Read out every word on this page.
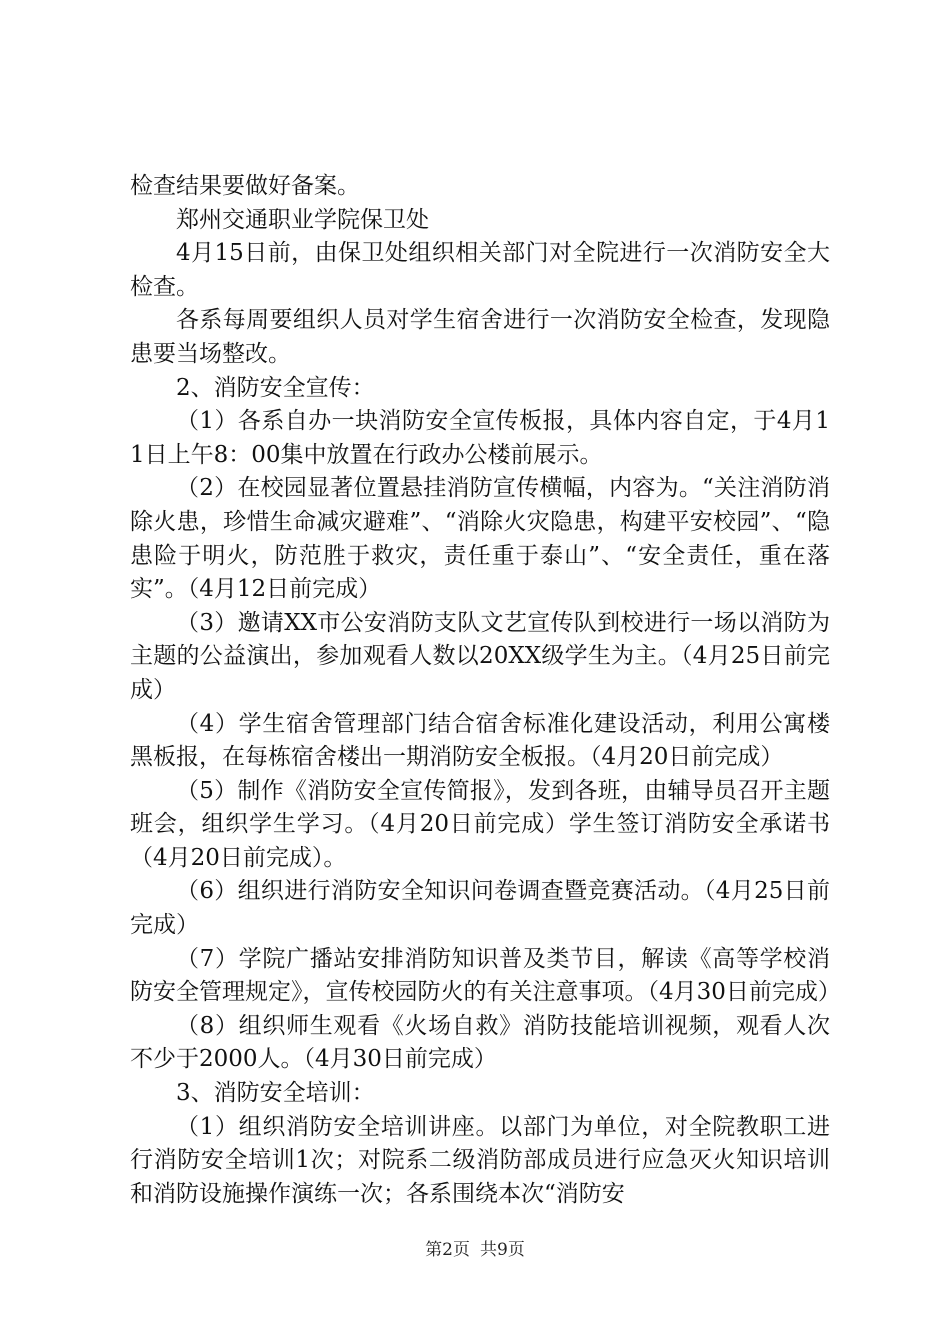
检查结果要做好备案。

郑州交通职业学院保卫处

4月15日前，由保卫处组织相关部门对全院进行一次消防安全大检查。

各系每周要组织人员对学生宿舍进行一次消防安全检查，发现隐患要当场整改。

2、消防安全宣传：

（1）各系自办一块消防安全宣传板报，具体内容自定，于4月11日上午8：00集中放置在行政办公楼前展示。

（2）在校园显著位置悬挂消防宣传横幅，内容为。“关注消防消除火患，珍惜生命减灾避难”、“消除火灾隐患，构建平安校园”、“隐患险于明火，防范胜于救灾，责任重于泰山”、“安全责任，重在落实”。（4月12日前完成）

（3）邀请XX市公安消防支队文艺宣传队到校进行一场以消防为主题的公益演出，参加观看人数以20XX级学生为主。（4月25日前完成）

（4）学生宿舍管理部门结合宿舍标准化建设活动，利用公寓楼黑板报，在每栋宿舍楼出一期消防安全板报。（4月20日前完成）

（5）制作《消防安全宣传简报》，发到各班，由辅导员召开主题班会，组织学生学习。（4月20日前完成）学生签订消防安全承诺书（4月20日前完成）。

（6）组织进行消防安全知识问卷调查暨竞赛活动。（4月25日前完成）

（7）学院广播站安排消防知识普及类节目，解读《高等学校消防安全管理规定》，宣传校园防火的有关注意事项。（4月30日前完成）

（8）组织师生观看《火场自救》消防技能培训视频，观看人次不少于2000人。（4月30日前完成）

3、消防安全培训：

（1）组织消防安全培训讲座。以部门为单位，对全院教职工进行消防安全培训1次；对院系二级消防部成员进行应急灭火知识培训和消防设施操作演练一次；各系围绕本次“消防安

第2页 共9页
